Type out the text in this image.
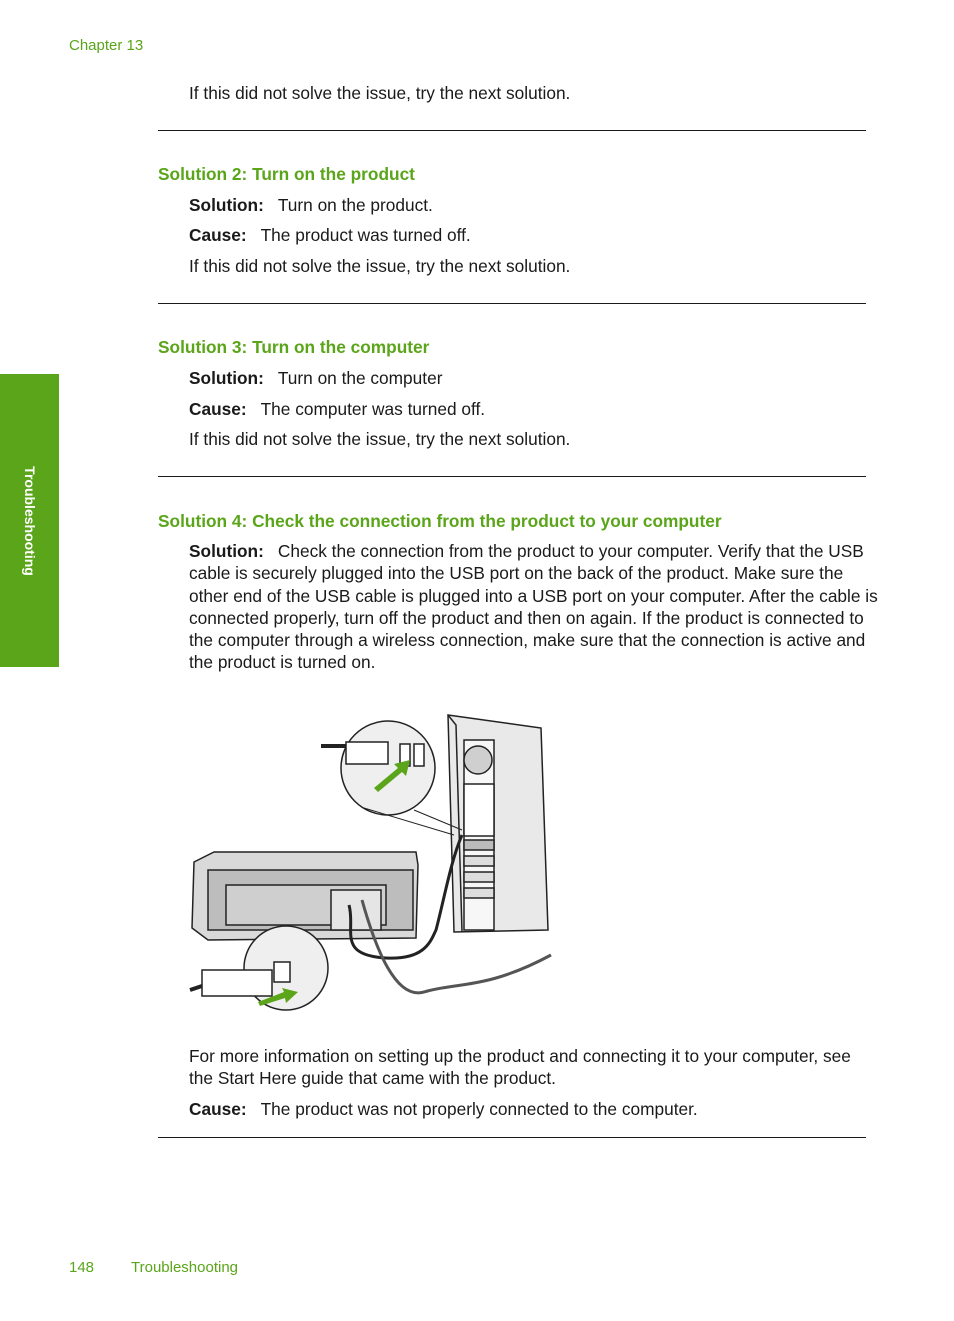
Chapter 13
Troubleshooting

If this did not solve the issue, try the next solution.

Solution 2: Turn on the product

Solution: Turn on the product.

Cause: The product was turned off.

If this did not solve the issue, try the next solution.

Solution 3: Turn on the computer

Solution: Turn on the computer

Cause: The computer was turned off.

If this did not solve the issue, try the next solution.

Solution 4: Check the connection from the product to your computer

Solution: Check the connection from the product to your computer. Verify that the USB cable is securely plugged into the USB port on the back of the product. Make sure the other end of the USB cable is plugged into a USB port on your computer. After the cable is connected properly, turn off the product and then on again. If the product is connected to the computer through a wireless connection, make sure that the connection is active and the product is turned on.

For more information on setting up the product and connecting it to your computer, see the Start Here guide that came with the product.

Cause: The product was not properly connected to the computer.

148 Troubleshooting
